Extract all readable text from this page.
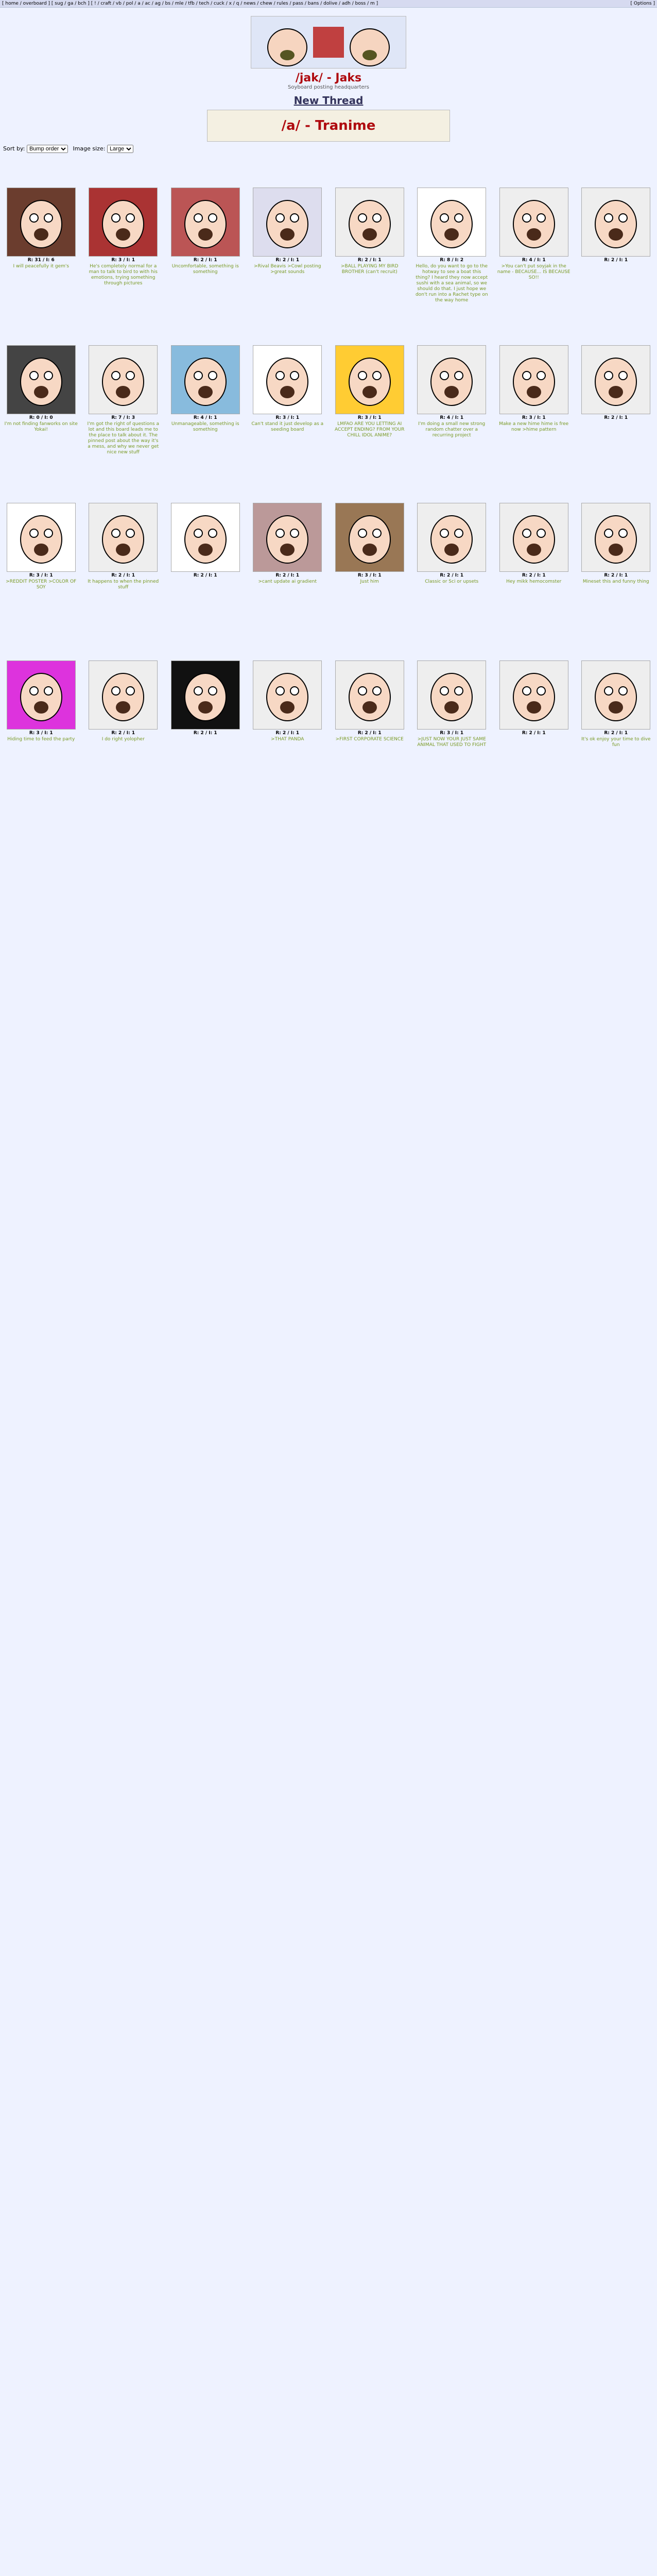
[ home / overboard ] [ sug / ga / bch ] [ ! / craft / vb / pol / a / ac / ag / bs / mle / tfb / tech / cuck / x / q / news / chew / rules / pass / bans / dolive / adh / boss / m ]	[ Options ]
/jak/ - Jaks
Soyboard posting headquarters
New Thread
/a/ - Tranime
Sort by:
Bump order	Image size:
Large
R: 31 / I: 6
I will peacefully it gem's
R: 3 / I: 1
He's completely normal for a man to talk to bird to with his emotions, trying something through pictures
R: 2 / I: 1
Uncomfortable, something is something
R: 2 / I: 1
>Rival Beavis >Cowl posting >great sounds
R: 2 / I: 1
>BALL PLAYING MY BIRD BROTHER (can't recruit)
R: 8 / I: 2
Hello, do you want to go to the hotway to see a boat this thing? I heard they now accept sushi with a sea animal, so we should do that. I just hope we don't run into a Rachet type on the way home
R: 4 / I: 1
>You can't put soyjak in the name - BECAUSE... IS BECAUSE SO!!
R: 2 / I: 1
R: 0 / I: 0
I'm not finding fanworks on site Yokai!
R: 7 / I: 3
I'm got the right of questions a lot and this board leads me to the place to talk about it. The pinned post about the way it's a mess, and why we never get nice new stuff
R: 4 / I: 1
Unmanageable, something is something
R: 3 / I: 1
Can't stand it just develop as a seeding board
R: 3 / I: 1
LMFAO ARE YOU LETTING AI ACCEPT ENDING? FROM YOUR CHILL IDOL ANIME?
R: 4 / I: 1
I'm doing a small new strong random chatter over a recurring project
R: 3 / I: 1
Make a new hime hime is free now >hime pattern
R: 2 / I: 1
R: 3 / I: 1
>REDDIT POSTER >COLOR OF SOY
R: 2 / I: 1
It happens to when the pinned stuff
R: 2 / I: 1	R: 2 / I: 1
>cant update ai gradient
R: 3 / I: 1
Just him
R: 2 / I: 1
Classic or Sci or upsets
R: 2 / I: 1
Hey mikk hemocomster
R: 2 / I: 1
Mineset this and funny thing
R: 3 / I: 1
Hiding time to feed the party
R: 2 / I: 1
I do right yolopher
R: 2 / I: 1	R: 2 / I: 1
>THAT PANDA
R: 2 / I: 1
>FIRST CORPORATE SCIENCE
R: 3 / I: 1
>JUST NOW YOUR JUST SAME ANIMAL THAT USED TO FIGHT
R: 2 / I: 1	R: 2 / I: 1
It's ok enjoy your time to dive fun
